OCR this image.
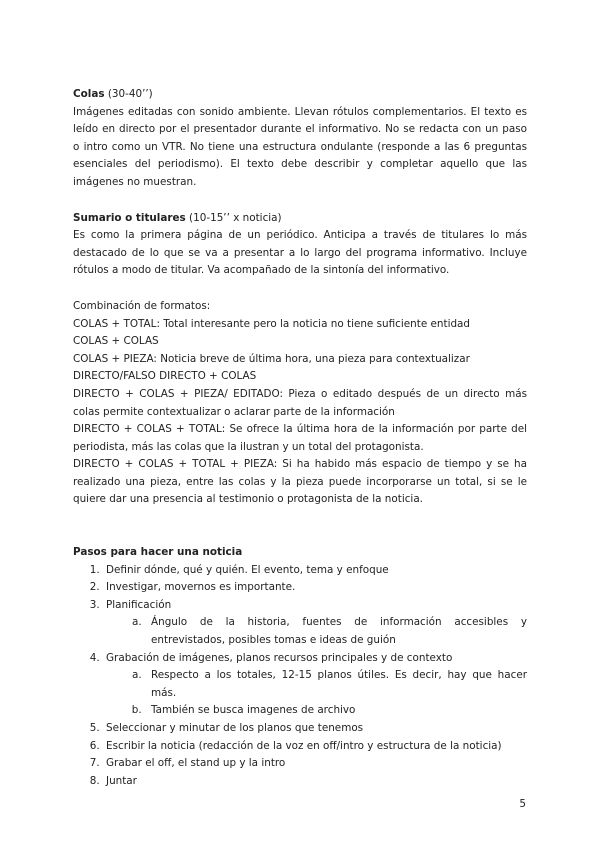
Colas (30-40’’)

Imágenes editadas con sonido ambiente. Llevan rótulos complementarios. El texto es leído en directo por el presentador durante el informativo. No se redacta con un paso o intro como un VTR. No tiene una estructura ondulante (responde a las 6 preguntas esenciales del periodismo). El texto debe describir y completar aquello que las imágenes no muestran.

Sumario o titulares (10-15’’ x noticia)

Es como la primera página de un periódico. Anticipa a través de titulares lo más destacado de lo que se va a presentar a lo largo del programa informativo. Incluye rótulos a modo de titular. Va acompañado de la sintonía del informativo.

Combinación de formatos:

COLAS + TOTAL: Total interesante pero la noticia no tiene suficiente entidad

COLAS + COLAS

COLAS + PIEZA: Noticia breve de última hora, una pieza para contextualizar

DIRECTO/FALSO DIRECTO + COLAS

DIRECTO + COLAS + PIEZA/ EDITADO: Pieza o editado después de un directo más colas permite contextualizar o aclarar parte de la información

DIRECTO + COLAS + TOTAL: Se ofrece la última hora de la información por parte del periodista, más las colas que la ilustran y un total del protagonista.

DIRECTO + COLAS + TOTAL + PIEZA: Si ha habido más espacio de tiempo y se ha realizado una pieza, entre las colas y la pieza puede incorporarse un total, si se le quiere dar una presencia al testimonio o protagonista de la noticia.

Pasos para hacer una noticia

1. Definir dónde, qué y quién. El evento, tema y enfoque
2. Investigar, movernos es importante.
3. Planificación
a. Ángulo de la historia, fuentes de información accesibles y entrevistados, posibles tomas e ideas de guión
4. Grabación de imágenes, planos recursos principales y de contexto
a. Respecto a los totales, 12-15 planos útiles. Es decir, hay que hacer más.
b. También se busca imagenes de archivo
5. Seleccionar y minutar de los planos que tenemos
6. Escribir la noticia (redacción de la voz en off/intro y estructura de la noticia)
7. Grabar el off, el stand up y la intro
8. Juntar
5
